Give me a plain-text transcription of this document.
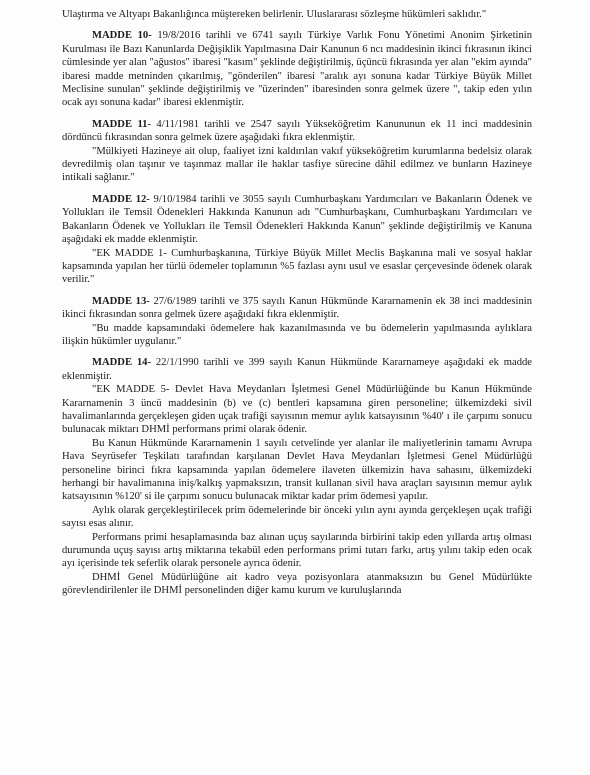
Ulaştırma ve Altyapı Bakanlığınca müştereken belirlenir. Uluslararası sözleşme hükümleri saklıdır."

MADDE 10- 19/8/2016 tarihli ve 6741 sayılı Türkiye Varlık Fonu Yönetimi Anonim Şirketinin Kurulması ile Bazı Kanunlarda Değişiklik Yapılmasına Dair Kanunun 6 ncı maddesinin ikinci fıkrasının ikinci cümlesinde yer alan "ağustos" ibaresi "kasım" şeklinde değiştirilmiş, üçüncü fıkrasında yer alan "ekim ayında" ibaresi madde metninden çıkarılmış, "gönderilen" ibaresi "aralık ayı sonuna kadar Türkiye Büyük Millet Meclisine sunulan" şeklinde değiştirilmiş ve "üzerinden" ibaresinden sonra gelmek üzere ", takip eden yılın ocak ayı sonuna kadar" ibaresi eklenmiştir.

MADDE 11- 4/11/1981 tarihli ve 2547 sayılı Yükseköğretim Kanununun ek 11 inci maddesinin dördüncü fıkrasından sonra gelmek üzere aşağıdaki fıkra eklenmiştir.

"Mülkiyeti Hazineye ait olup, faaliyet izni kaldırılan vakıf yükseköğretim kurumlarına bedelsiz olarak devredilmiş olan taşınır ve taşınmaz mallar ile haklar tasfiye sürecine dâhil edilmez ve bunların Hazineye intikali sağlanır."

MADDE 12- 9/10/1984 tarihli ve 3055 sayılı Cumhurbaşkanı Yardımcıları ve Bakanların Ödenek ve Yollukları ile Temsil Ödenekleri Hakkında Kanunun adı "Cumhurbaşkanı, Cumhurbaşkanı Yardımcıları ve Bakanların Ödenek ve Yollukları ile Temsil Ödenekleri Hakkında Kanun" şeklinde değiştirilmiş ve Kanuna aşağıdaki ek madde eklenmiştir.

"EK MADDE 1- Cumhurbaşkanına, Türkiye Büyük Millet Meclis Başkanına mali ve sosyal haklar kapsamında yapılan her türlü ödemeler toplamının %5 fazlası aynı usul ve esaslar çerçevesinde ödenek olarak verilir."

MADDE 13- 27/6/1989 tarihli ve 375 sayılı Kanun Hükmünde Kararnamenin ek 38 inci maddesinin ikinci fıkrasından sonra gelmek üzere aşağıdaki fıkra eklenmiştir.

"Bu madde kapsamındaki ödemelere hak kazanılmasında ve bu ödemelerin yapılmasında aylıklara ilişkin hükümler uygulanır."

MADDE 14- 22/1/1990 tarihli ve 399 sayılı Kanun Hükmünde Kararnameye aşağıdaki ek madde eklenmiştir.

"EK MADDE 5- Devlet Hava Meydanları İşletmesi Genel Müdürlüğünde bu Kanun Hükmünde Kararnamenin 3 üncü maddesinin (b) ve (c) bentleri kapsamına giren personeline; ülkemizdeki sivil havalimanlarında gerçekleşen giden uçak trafiği sayısının memur aylık katsayısının %40' ı ile çarpımı sonucu bulunacak miktarı DHMİ performans primi olarak ödenir.

Bu Kanun Hükmünde Kararnamenin 1 sayılı cetvelinde yer alanlar ile maliyetlerinin tamamı Avrupa Hava Seyrüsefer Teşkilatı tarafından karşılanan Devlet Hava Meydanları İşletmesi Genel Müdürlüğü personeline birinci fıkra kapsamında yapılan ödemelere ilaveten ülkemizin hava sahasını, ülkemizdeki herhangi bir havalimanına iniş/kalkış yapmaksızın, transit kullanan sivil hava araçları sayısının memur aylık katsayısının %120' si ile çarpımı sonucu bulunacak miktar kadar prim ödemesi yapılır.

Aylık olarak gerçekleştirilecek prim ödemelerinde bir önceki yılın aynı ayında gerçekleşen uçak trafiği sayısı esas alınır.

Performans primi hesaplamasında baz alınan uçuş sayılarında birbirini takip eden yıllarda artış olması durumunda uçuş sayısı artış miktarına tekabül eden performans primi tutarı farkı, artış yılını takip eden ocak ayı içerisinde tek seferlik olarak personele ayrıca ödenir.

DHMİ Genel Müdürlüğüne ait kadro veya pozisyonlara atanmaksızın bu Genel Müdürlükte görevlendirilenler ile DHMİ personelinden diğer kamu kurum ve kuruluşlarında
